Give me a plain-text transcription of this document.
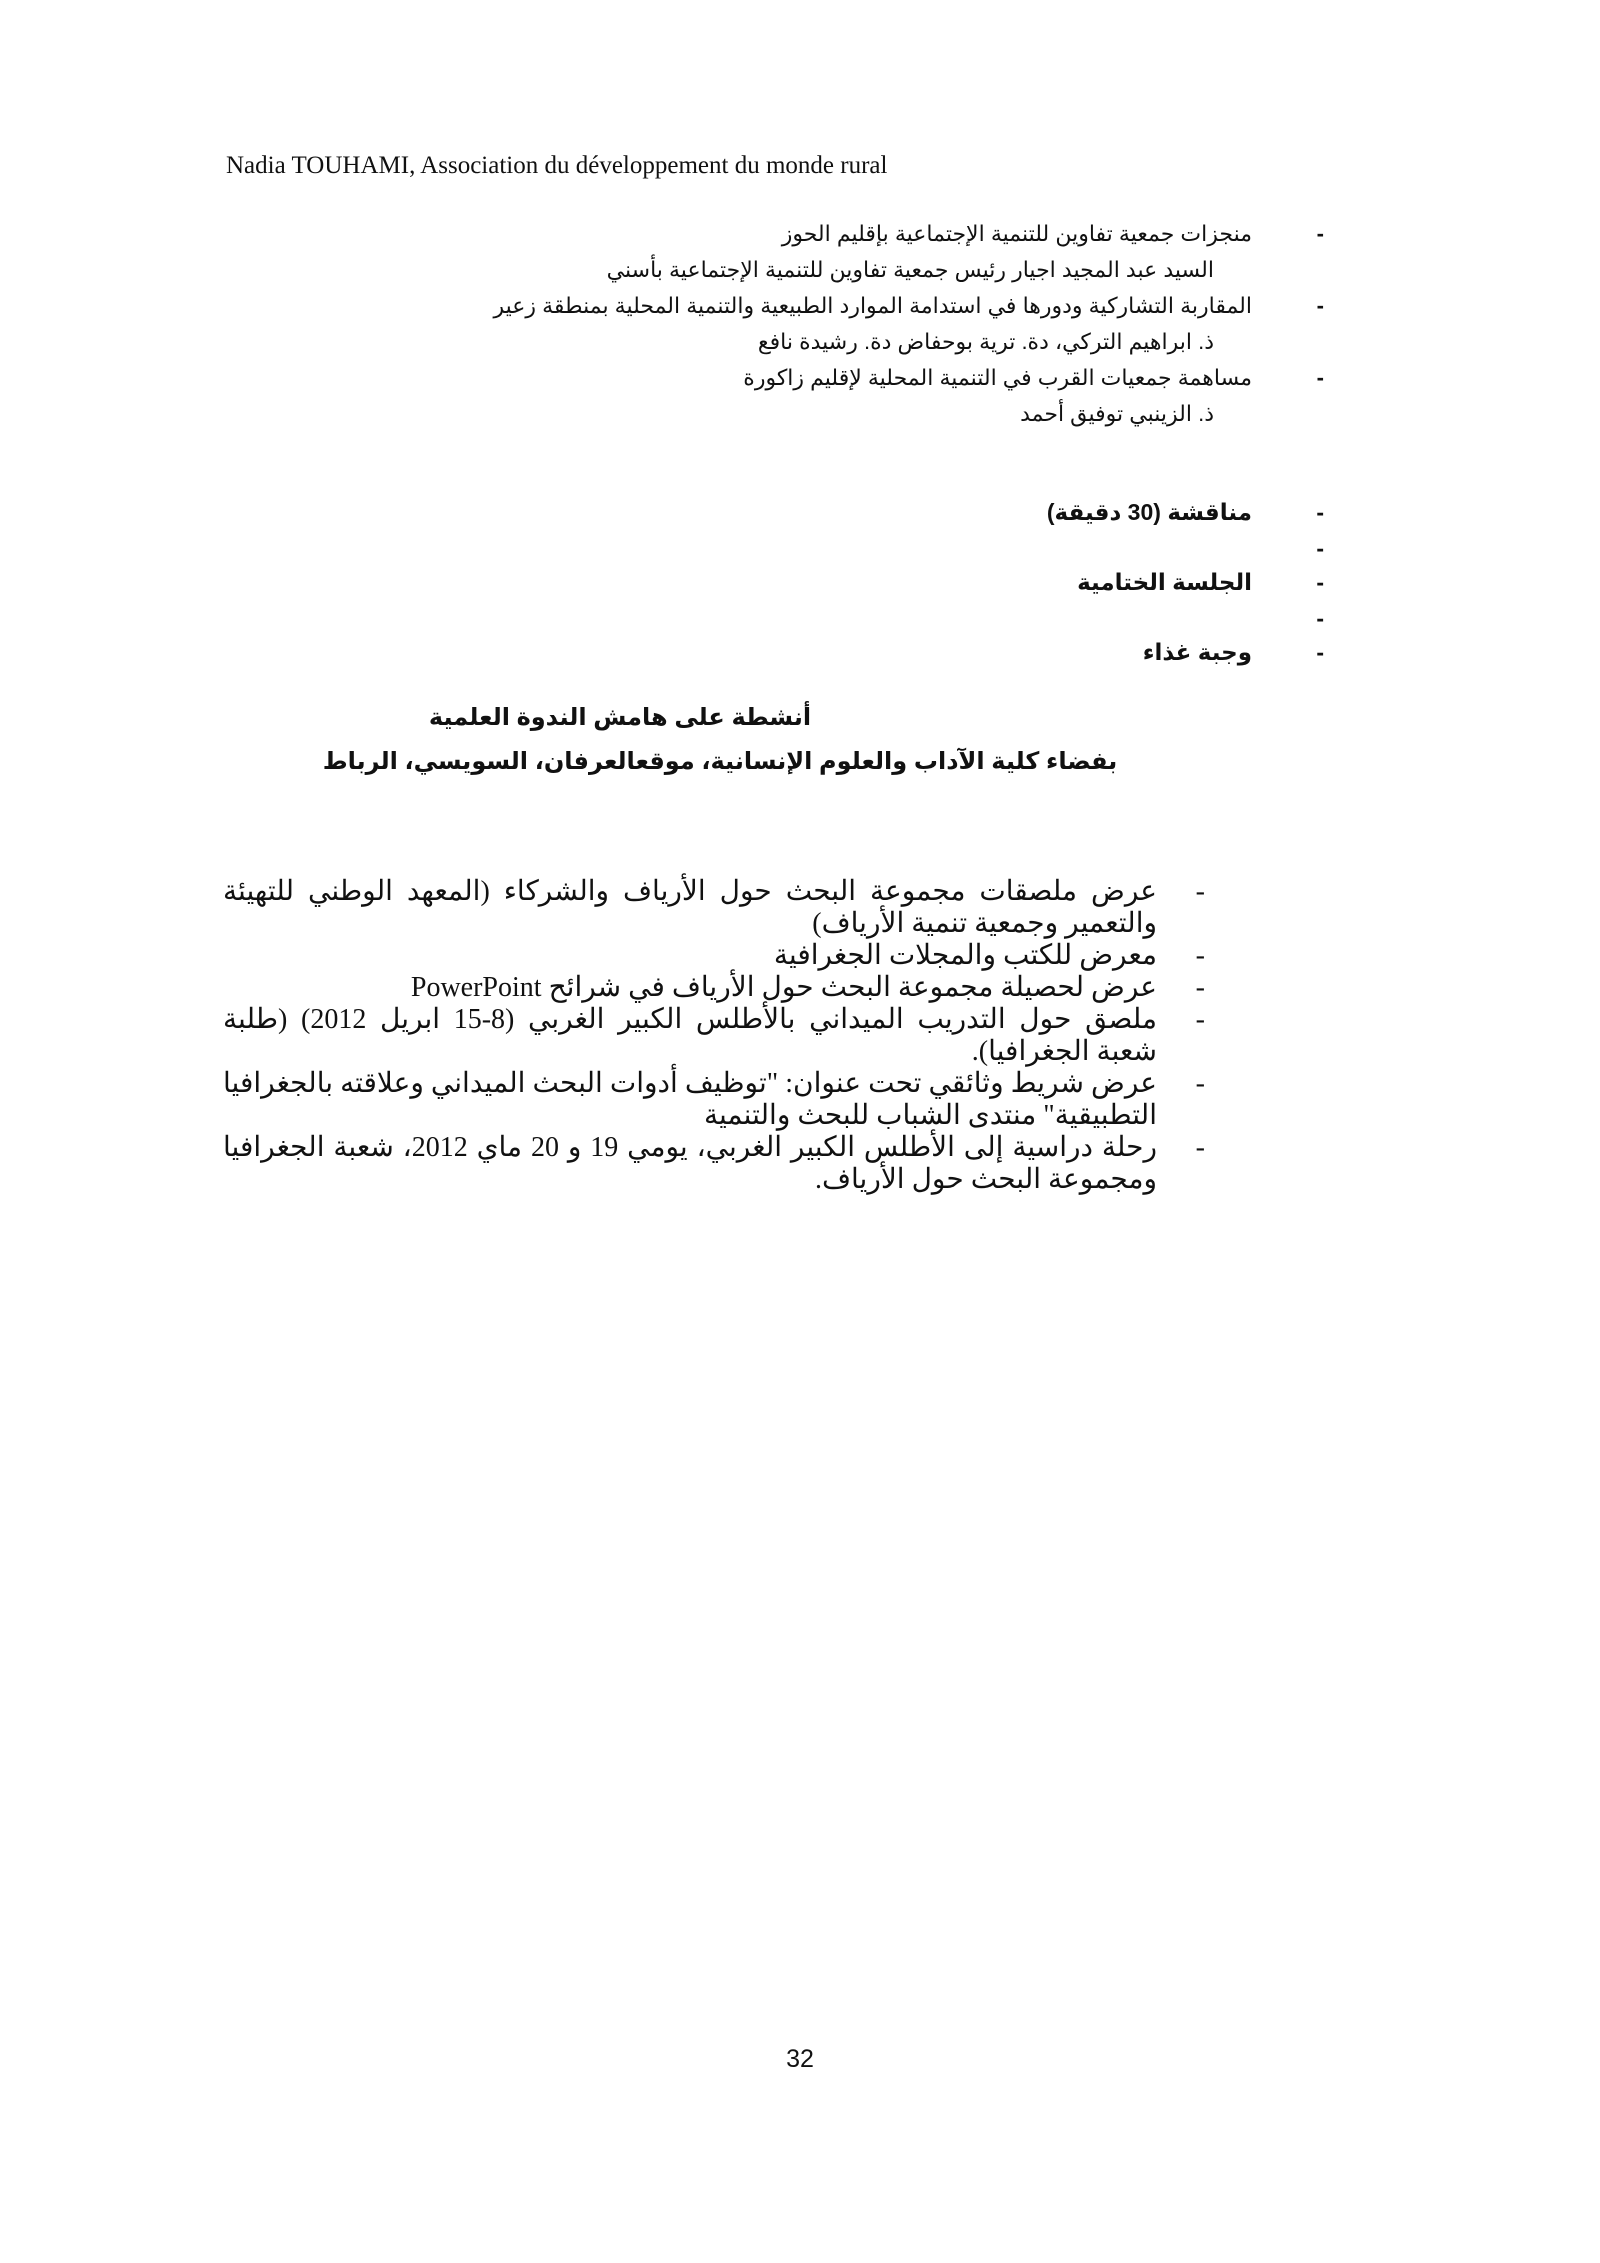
Nadia TOUHAMI, Association du développement du monde rural
-
منجزات جمعية تفاوين للتنمية الإجتماعية بإقليم الحوز
السيد عبد المجيد اجيار رئيس جمعية تفاوين للتنمية الإجتماعية بأسني
-
المقاربة التشاركية ودورها في استدامة الموارد الطبيعية والتنمية المحلية بمنطقة زعير
ذ. ابراهيم التركي، دة. ترية بوحفاض دة. رشيدة نافع
-
مساهمة جمعيات القرب في التنمية المحلية لإقليم زاكورة
ذ. الزينبي توفيق أحمد
-
مناقشة (30 دقيقة)
-
-
الجلسة الختامية
-
-
وجبة غذاء
أنشطة على هامش الندوة العلمية
بفضاء كلية الآداب والعلوم الإنسانية، موقعالعرفان، السويسي، الرباط
-
عرض ملصقات مجموعة البحث حول الأرياف والشركاء (المعهد الوطني للتهيئة والتعمير وجمعية تنمية الأرياف)
-
معرض للكتب والمجلات الجغرافية
-
عرض لحصيلة مجموعة البحث حول الأرياف في شرائح PowerPoint
-
ملصق حول التدريب الميداني بالأطلس الكبير الغربي (8-15 ابريل 2012) (طلبة شعبة الجغرافيا).
-
عرض شريط وثائقي تحت عنوان: "توظيف أدوات البحث الميداني وعلاقته بالجغرافيا التطبيقية" منتدى الشباب للبحث والتنمية
-
رحلة دراسية إلى الأطلس الكبير الغربي، يومي 19 و 20 ماي 2012، شعبة الجغرافيا ومجموعة البحث حول الأرياف.
32
